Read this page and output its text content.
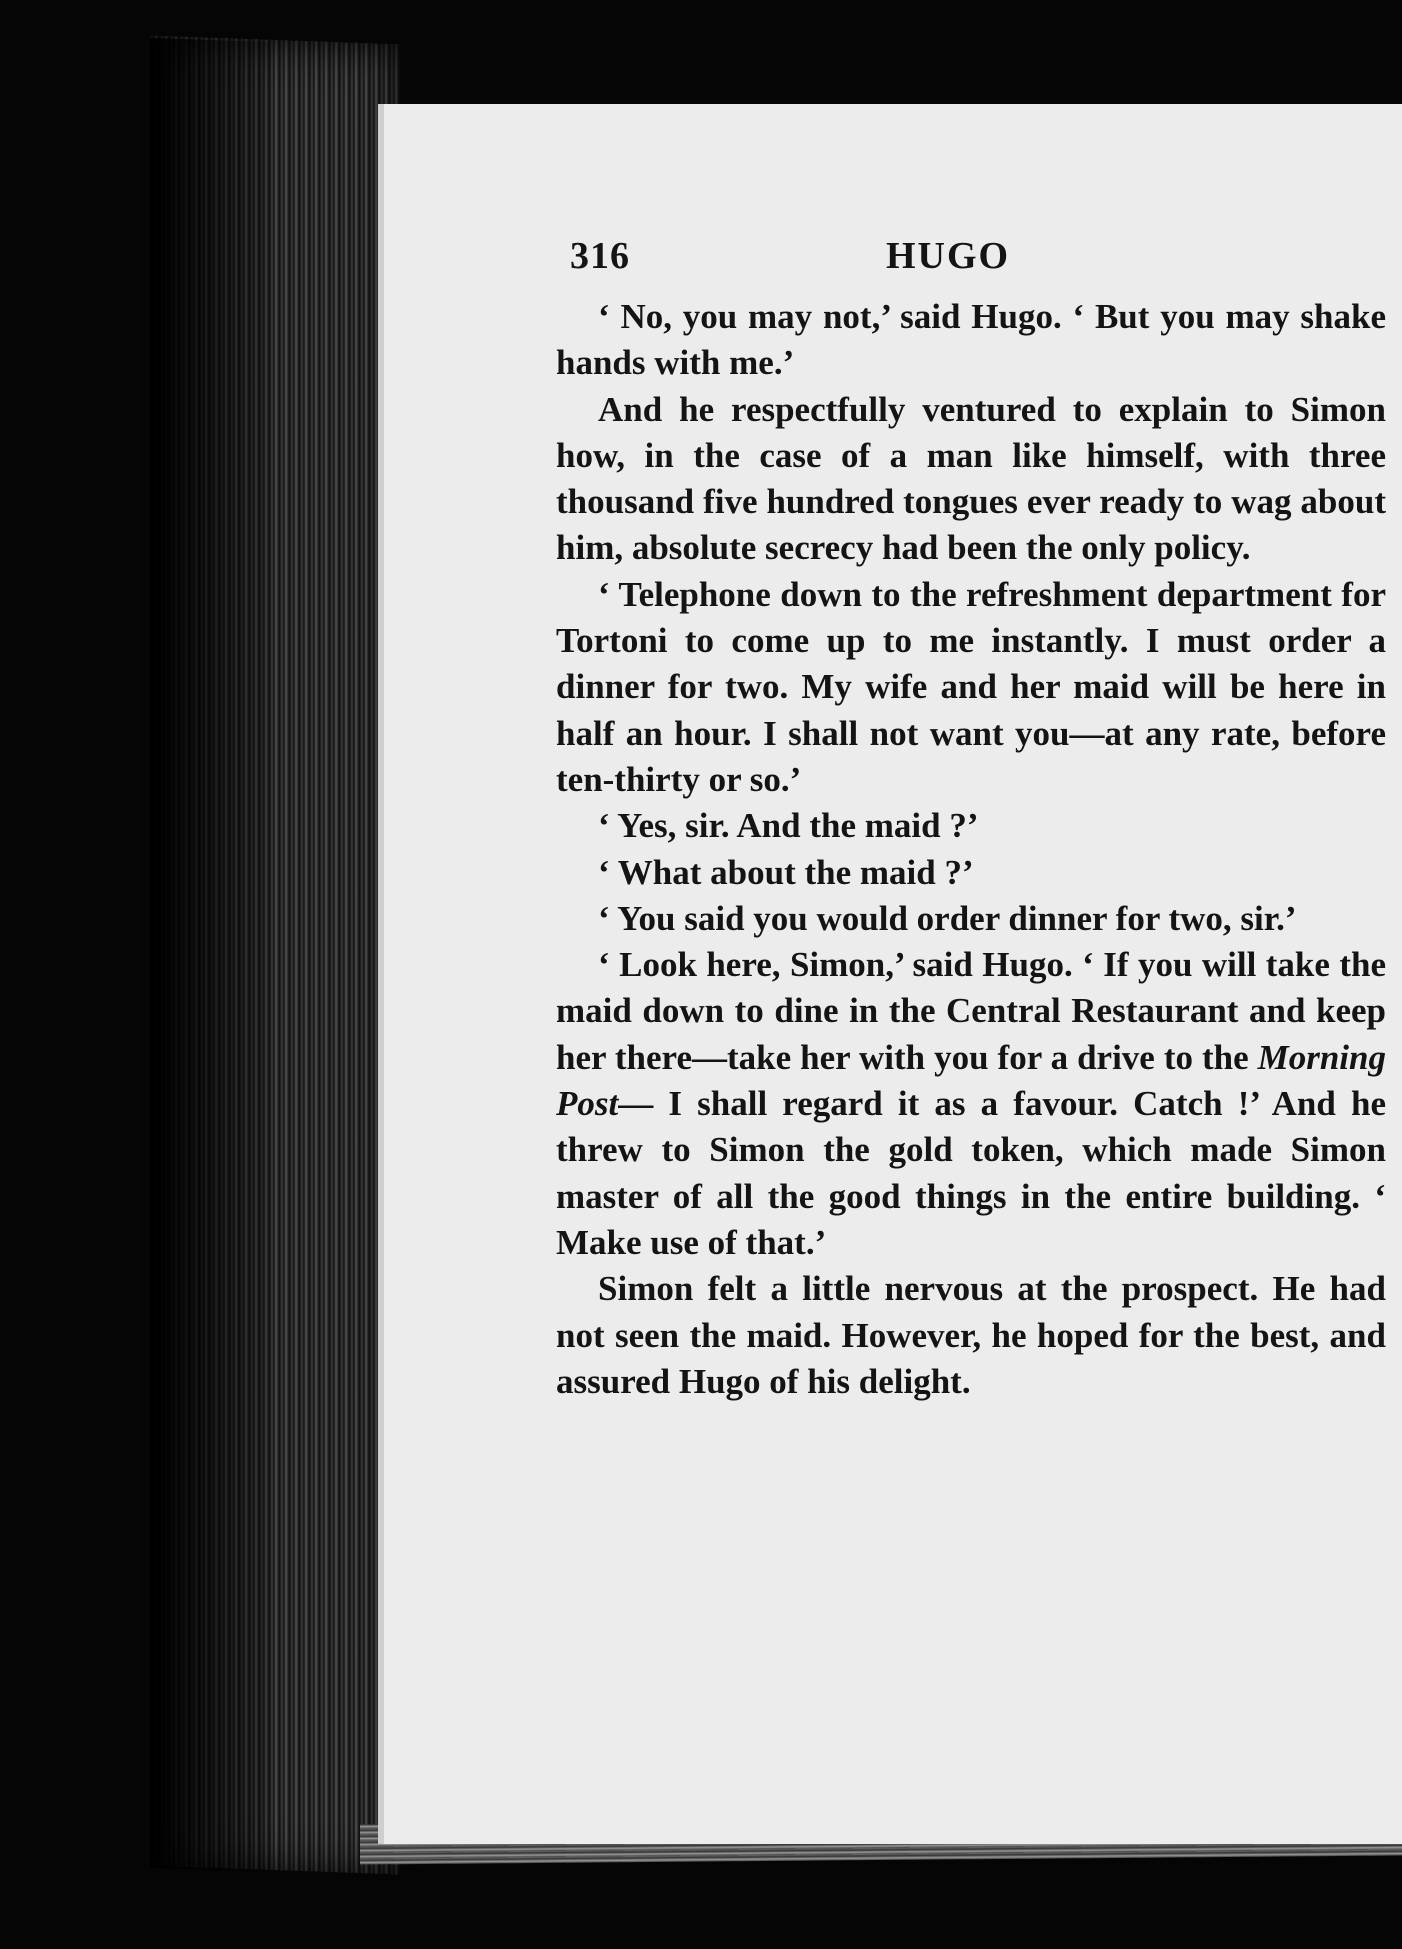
316	HUGO

‘ No, you may not,’ said Hugo. ‘ But you may shake hands with me.’

And he respectfully ventured to explain to Simon how, in the case of a man like himself, with three thousand five hundred tongues ever ready to wag about him, absolute secrecy had been the only policy.

‘ Telephone down to the refreshment department for Tortoni to come up to me instantly. I must order a dinner for two. My wife and her maid will be here in half an hour. I shall not want you—at any rate, before ten-thirty or so.’

‘ Yes, sir. And the maid ?’

‘ What about the maid ?’

‘ You said you would order dinner for two, sir.’

‘ Look here, Simon,’ said Hugo. ‘ If you will take the maid down to dine in the Central Restaurant and keep her there—take her with you for a drive to the Morning Post— I shall regard it as a favour. Catch !’ And he threw to Simon the gold token, which made Simon master of all the good things in the entire building. ‘ Make use of that.’

Simon felt a little nervous at the prospect. He had not seen the maid. However, he hoped for the best, and assured Hugo of his delight.
